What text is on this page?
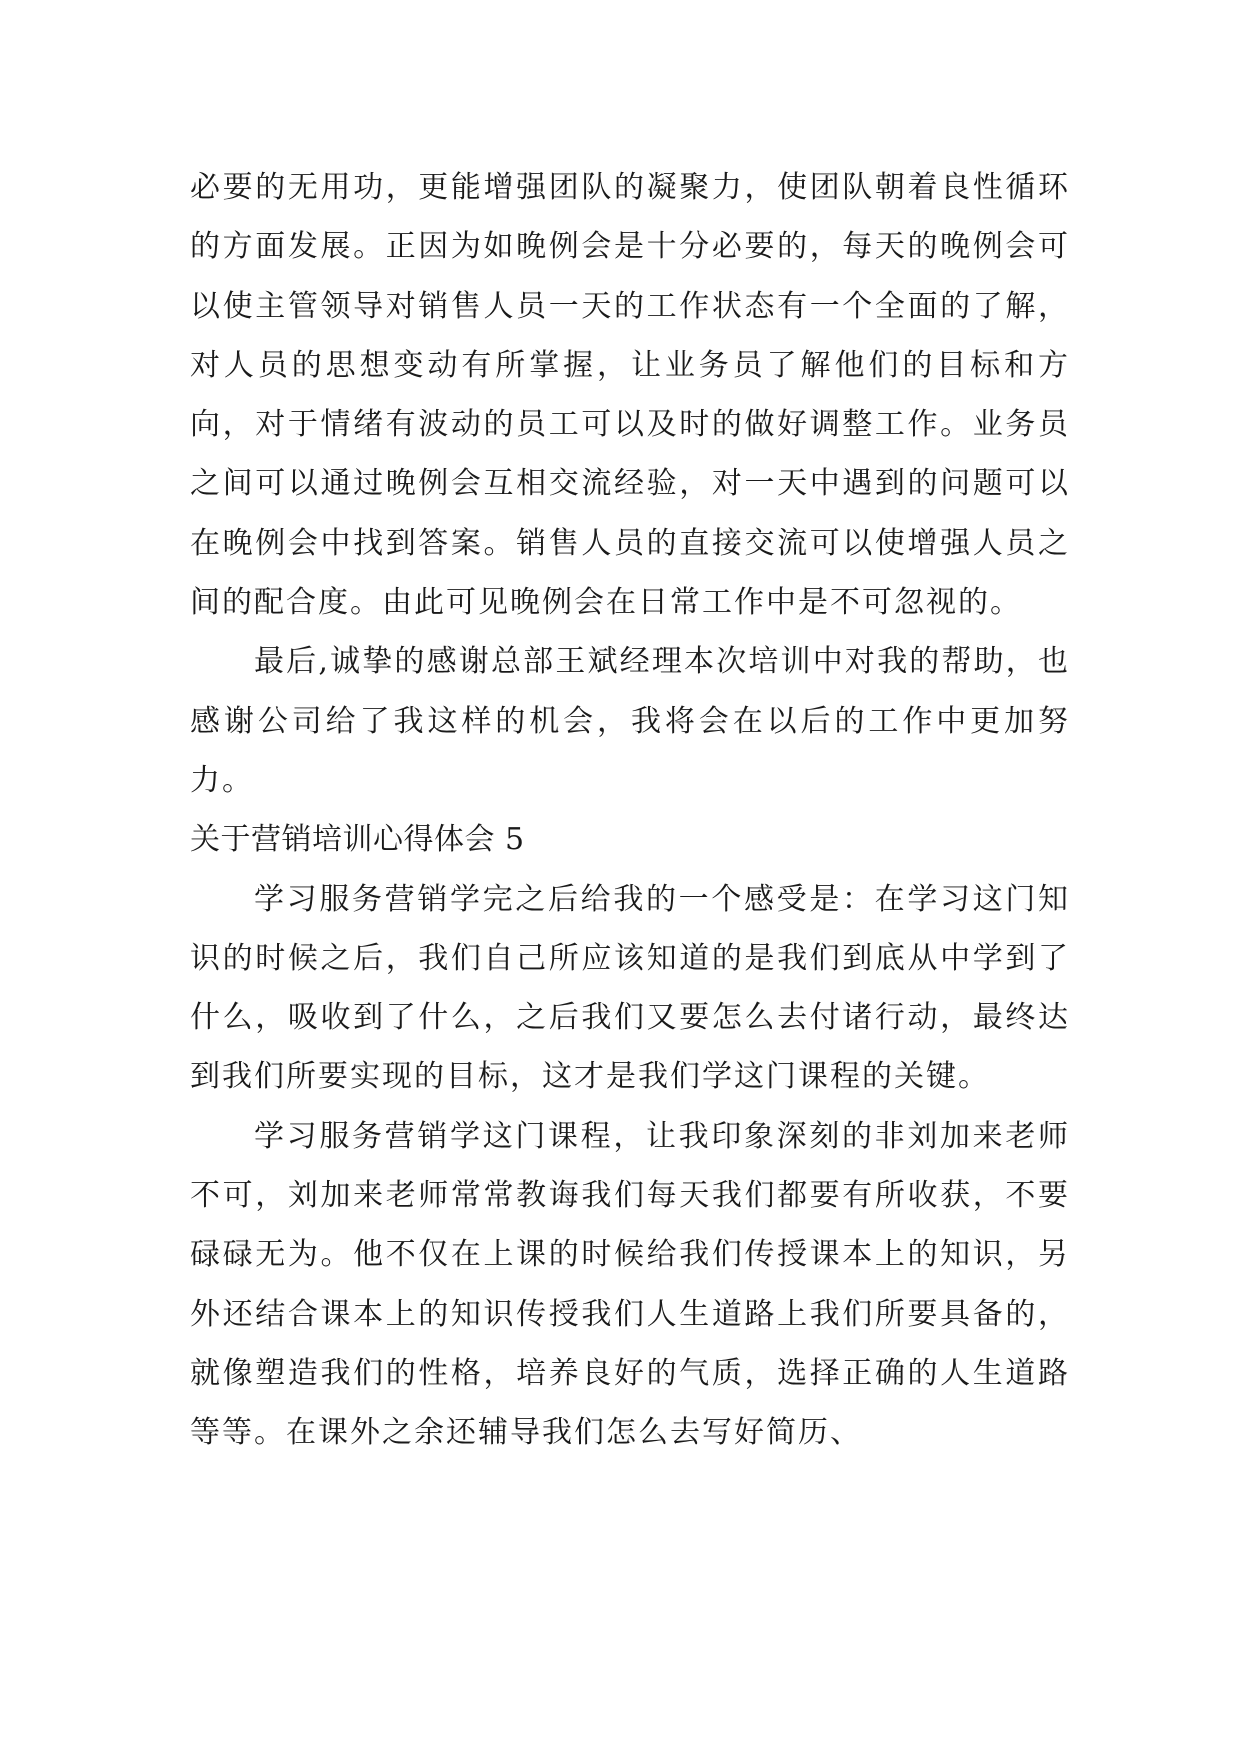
必要的无用功，更能增强团队的凝聚力，使团队朝着良性循环的方面发展。正因为如晚例会是十分必要的，每天的晚例会可以使主管领导对销售人员一天的工作状态有一个全面的了解，对人员的思想变动有所掌握，让业务员了解他们的目标和方向，对于情绪有波动的员工可以及时的做好调整工作。业务员之间可以通过晚例会互相交流经验，对一天中遇到的问题可以在晚例会中找到答案。销售人员的直接交流可以使增强人员之间的配合度。由此可见晚例会在日常工作中是不可忽视的。

最后,诚挚的感谢总部王斌经理本次培训中对我的帮助，也感谢公司给了我这样的机会，我将会在以后的工作中更加努力。

关于营销培训心得体会 5

学习服务营销学完之后给我的一个感受是：在学习这门知识的时候之后，我们自己所应该知道的是我们到底从中学到了什么，吸收到了什么，之后我们又要怎么去付诸行动，最终达到我们所要实现的目标，这才是我们学这门课程的关键。

学习服务营销学这门课程，让我印象深刻的非刘加来老师不可，刘加来老师常常教诲我们每天我们都要有所收获，不要碌碌无为。他不仅在上课的时候给我们传授课本上的知识，另外还结合课本上的知识传授我们人生道路上我们所要具备的，就像塑造我们的性格，培养良好的气质，选择正确的人生道路等等。在课外之余还辅导我们怎么去写好简历、
